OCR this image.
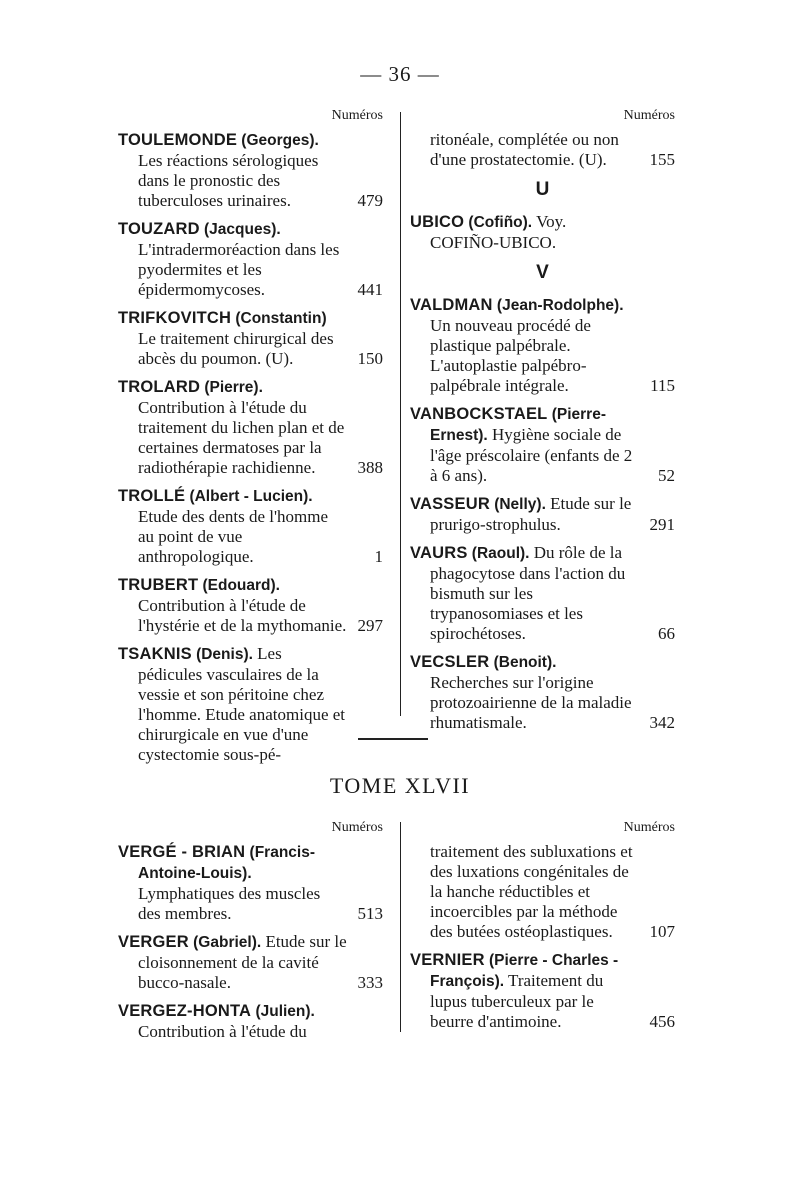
— 36 —
Numéros
TOULEMONDE (Georges). Les réactions sérologiques dans le pronostic des tuberculoses urinaires.	479
TOUZARD (Jacques). L'intradermoréaction dans les pyodermites et les épidermomycoses.	441
TRIFKOVITCH (Constantin) Le traitement chirurgical des abcès du poumon. (U).	150
TROLARD (Pierre). Contribution à l'étude du traitement du lichen plan et de certaines dermatoses par la radiothérapie rachidienne. 388
TROLLÉ (Albert - Lucien). Etude des dents de l'homme au point de vue anthropologique.	1
TRUBERT (Edouard). Contribution à l'étude de l'hystérie et de la mythomanie. 297
TSAKNIS (Denis). Les pédicules vasculaires de la vessie et son péritoine chez l'homme. Etude anatomique et chirurgicale en vue d'une cystectomie sous-pé-
Numéros
ritonéale, complétée ou non d'une prostatectomie. (U).	155
U
UBICO (Cofiño). Voy. COFIÑO-UBICO.
V
VALDMAN (Jean-Rodolphe). Un nouveau procédé de plastique palpébrale. L'autoplastie palpébro-palpébrale intégrale.	115
VANBOCKSTAEL (Pierre-Ernest). Hygiène sociale de l'âge préscolaire (enfants de 2 à 6 ans).	52
VASSEUR (Nelly). Etude sur le prurigo-strophulus.	291
VAURS (Raoul). Du rôle de la phagocytose dans l'action du bismuth sur les trypanosomiases et les spirochétoses.	66
VECSLER (Benoit). Recherches sur l'origine protozoairienne de la maladie rhumatismale.	342
TOME XLVII
Numéros
VERGÉ - BRIAN (Francis-Antoine-Louis). Lymphatiques des muscles des membres.	513
VERGER (Gabriel). Etude sur le cloisonnement de la cavité bucco-nasale.	333
VERGEZ-HONTA (Julien). Contribution à l'étude du
Numéros
traitement des subluxations et des luxations congénitales de la hanche réductibles et incoercibles par la méthode des butées ostéoplastiques. 107
VERNIER (Pierre - Charles - François). Traitement du lupus tuberculeux par le beurre d'antimoine.	456
